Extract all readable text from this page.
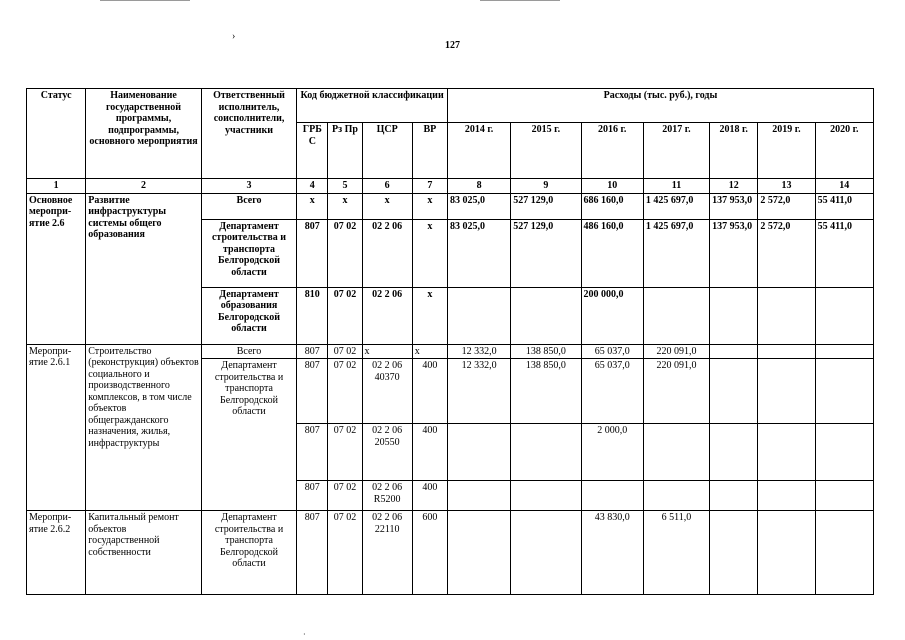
›
127
Статус	Наименование государственной программы, подпрограммы, основного мероприятия	Ответственный исполнитель, соисполнители, участники	Код бюджетной классификации				Расходы (тыс. руб.), годы						
			ГРБ С	Рз Пр	ЦСР	ВР	2014 г.	2015 г.	2016 г.	2017 г.	2018 г.	2019 г.	2020 г.
1	2	3	4	5	6	7	8	9	10	11	12	13	14
Основное меропри-ятие 2.6	Развитие инфраструктуры системы общего образования	Всего	х	х	х	х	83 025,0	527 129,0	686 160,0	1 425 697,0	137 953,0	2 572,0	55 411,0
		Департамент строительства и транспорта Белгородской области	807	07 02	02 2 06	х	83 025,0	527 129,0	486 160,0	1 425 697,0	137 953,0	2 572,0	55 411,0
		Департамент образования Белгородской области	810	07 02	02 2 06	х			200 000,0				
Меропри-ятие 2.6.1	Строительство (реконструкция) объектов социального и производственного комплексов, в том числе объектов общегражданского назначения, жилья, инфраструктуры	Всего	807	07 02	х	х	12 332,0	138 850,0	65 037,0	220 091,0			
		Департамент строительства и транспорта Белгородской области	807	07 02	02 2 06 40370	400	12 332,0	138 850,0	65 037,0	220 091,0			
			807	07 02	02 2 06 20550	400			2 000,0				
			807	07 02	02 2 06 R5200	400							
Меропри-ятие 2.6.2	Капитальный ремонт объектов государственной собственности	Департамент строительства и транспорта Белгородской области	807	07 02	02 2 06 22110	600			43 830,0	6 511,0			
·
